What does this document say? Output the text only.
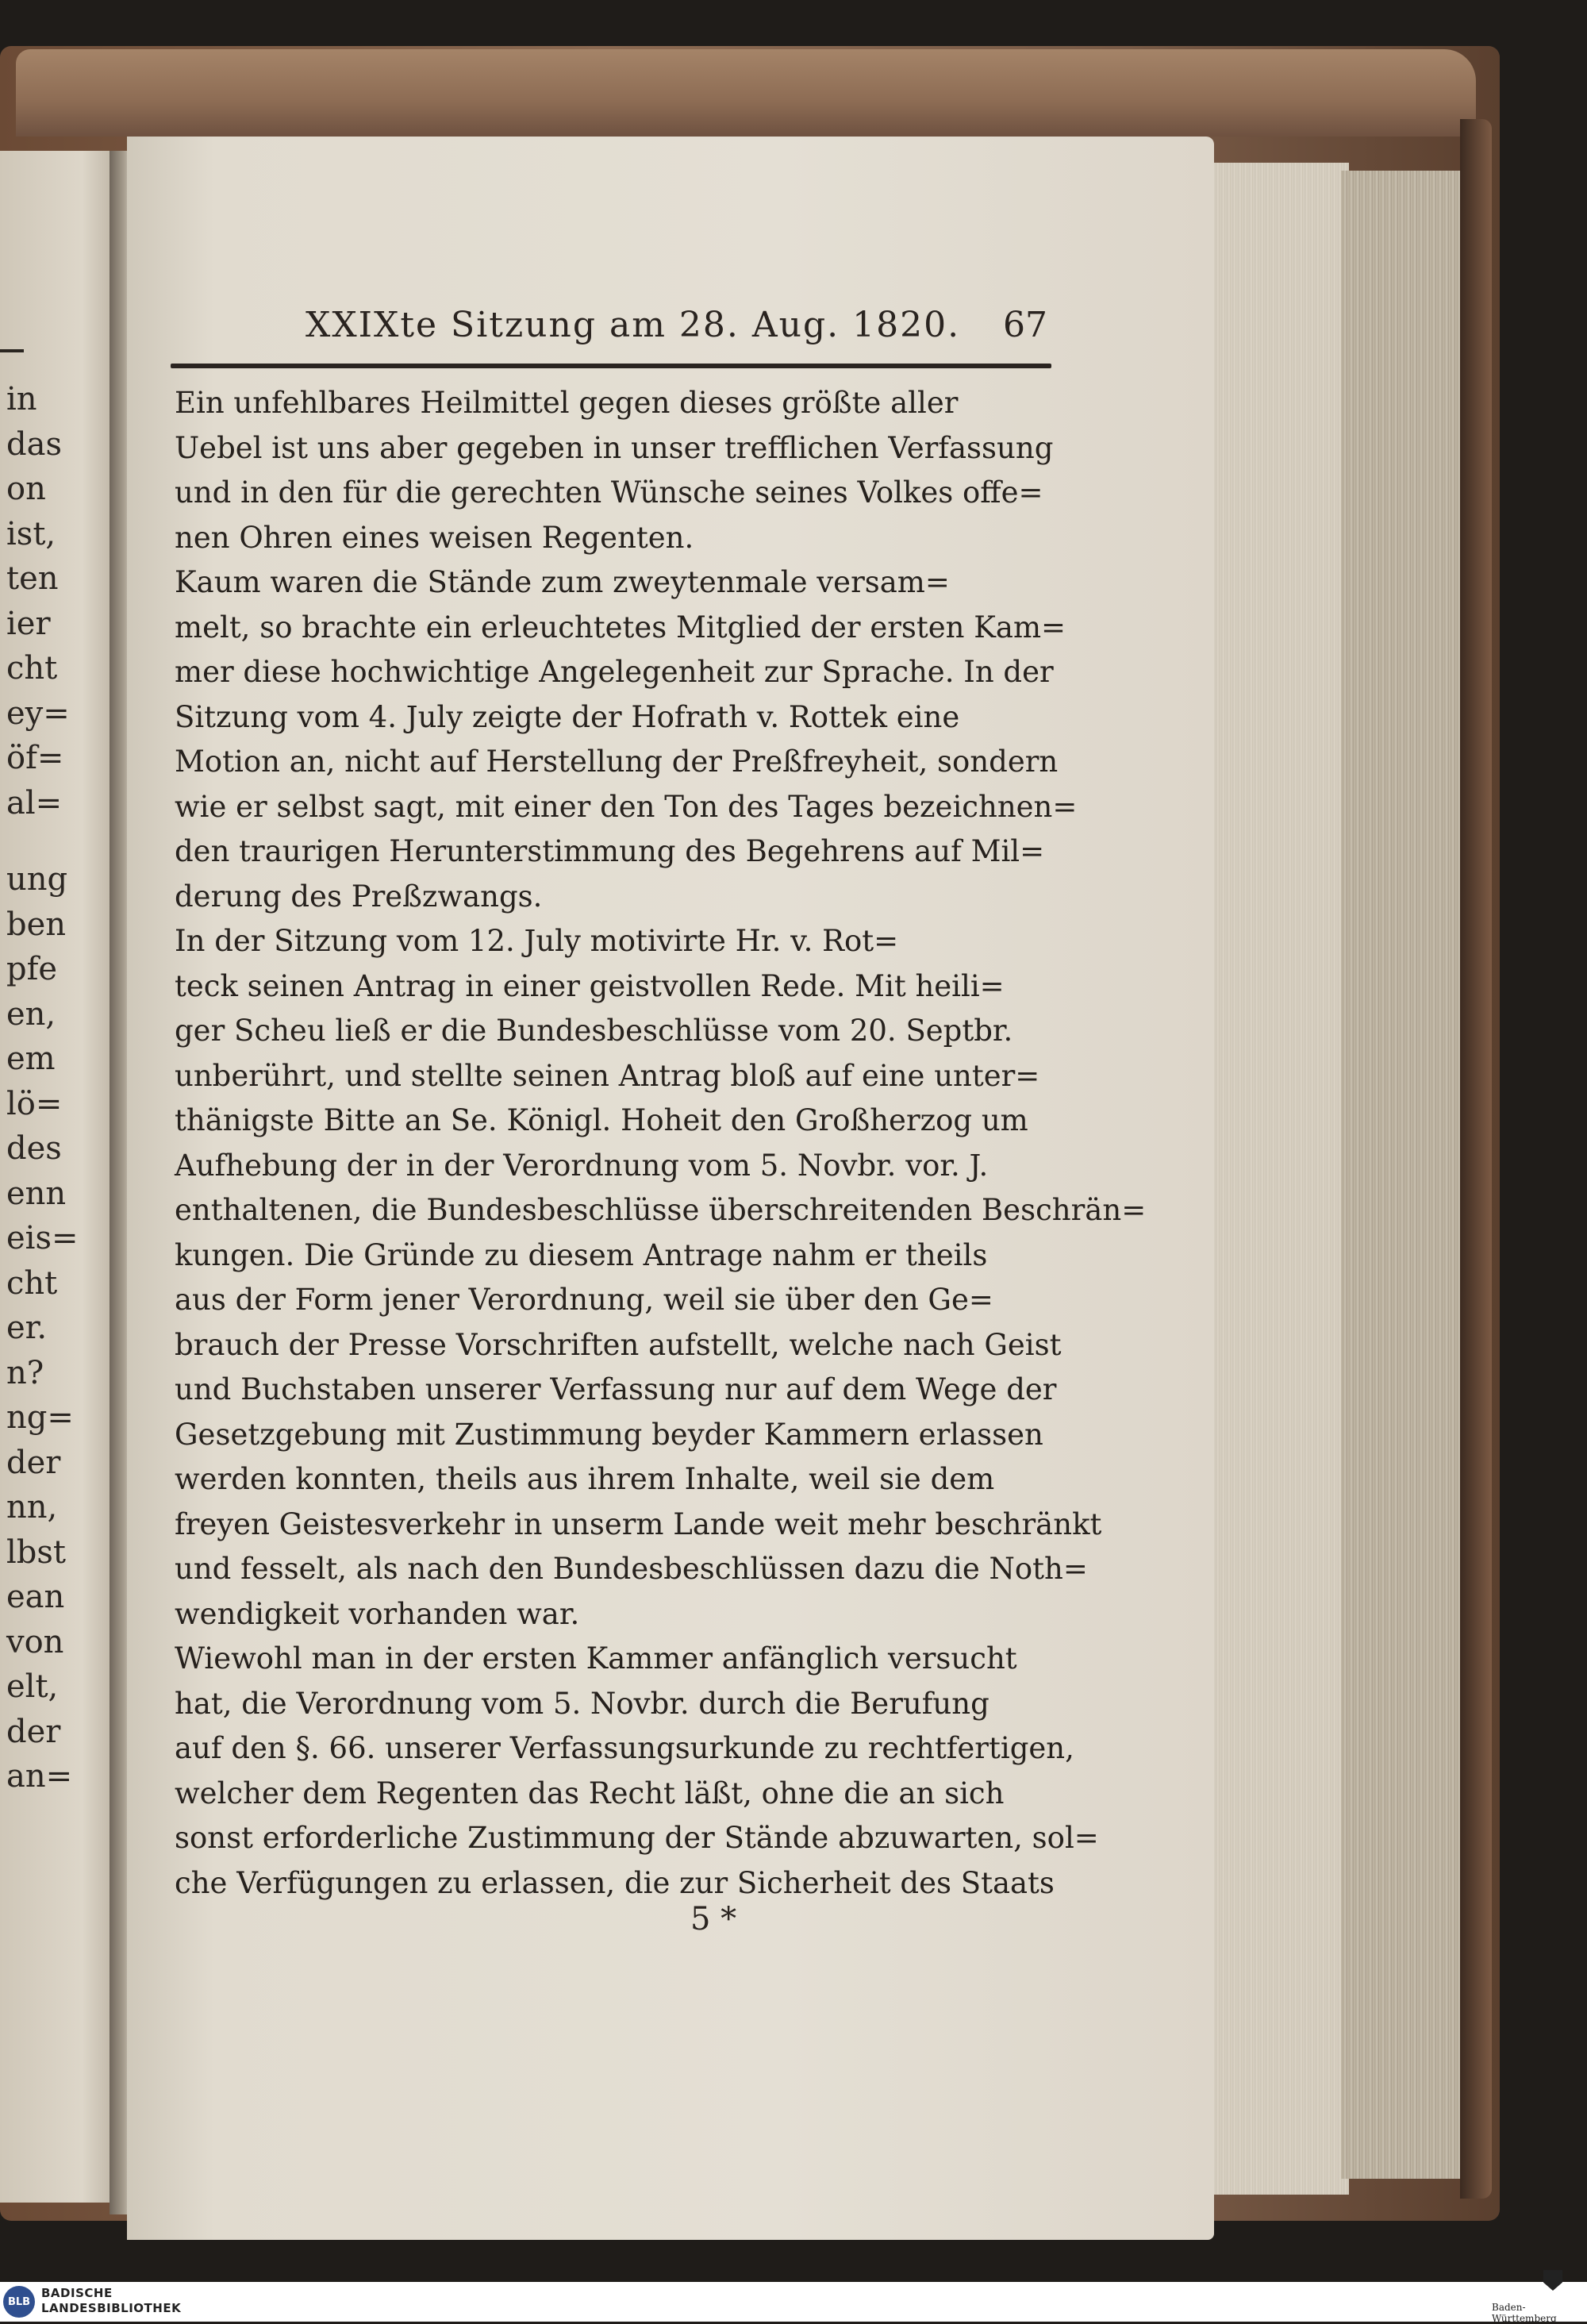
in
das
on
ist,
ten
ier
cht
ey=
öf=
al=
ung
ben
pfe
en,
em
lö=
des
enn
eis=
cht
er.
n?
ng=
der
nn,
lbst
ean
von
elt,
der
an=
XXIXte Sitzung am 28. Aug. 1820. 67
Ein unfehlbares Heilmittel gegen dieses größte aller
Uebel ist uns aber gegeben in unser trefflichen Verfassung
und in den für die gerechten Wünsche seines Volkes offe=
nen Ohren eines weisen Regenten.
Kaum waren die Stände zum zweytenmale versam=
melt, so brachte ein erleuchtetes Mitglied der ersten Kam=
mer diese hochwichtige Angelegenheit zur Sprache. In der
Sitzung vom 4. July zeigte der Hofrath v. Rottek eine
Motion an, nicht auf Herstellung der Preßfreyheit, sondern
wie er selbst sagt, mit einer den Ton des Tages bezeichnen=
den traurigen Herunterstimmung des Begehrens auf Mil=
derung des Preßzwangs.
In der Sitzung vom 12. July motivirte Hr. v. Rot=
teck seinen Antrag in einer geistvollen Rede. Mit heili=
ger Scheu ließ er die Bundesbeschlüsse vom 20. Septbr.
unberührt, und stellte seinen Antrag bloß auf eine unter=
thänigste Bitte an Se. Königl. Hoheit den Großherzog um
Aufhebung der in der Verordnung vom 5. Novbr. vor. J.
enthaltenen, die Bundesbeschlüsse überschreitenden Beschrän=
kungen. Die Gründe zu diesem Antrage nahm er theils
aus der Form jener Verordnung, weil sie über den Ge=
brauch der Presse Vorschriften aufstellt, welche nach Geist
und Buchstaben unserer Verfassung nur auf dem Wege der
Gesetzgebung mit Zustimmung beyder Kammern erlassen
werden konnten, theils aus ihrem Inhalte, weil sie dem
freyen Geistesverkehr in unserm Lande weit mehr beschränkt
und fesselt, als nach den Bundesbeschlüssen dazu die Noth=
wendigkeit vorhanden war.
Wiewohl man in der ersten Kammer anfänglich versucht
hat, die Verordnung vom 5. Novbr. durch die Berufung
auf den §. 66. unserer Verfassungsurkunde zu rechtfertigen,
welcher dem Regenten das Recht läßt, ohne die an sich
sonst erforderliche Zustimmung der Stände abzuwarten, sol=
che Verfügungen zu erlassen, die zur Sicherheit des Staats
5 *
BLB
BADISCHE
LANDESBIBLIOTHEK	Baden-Württemberg
